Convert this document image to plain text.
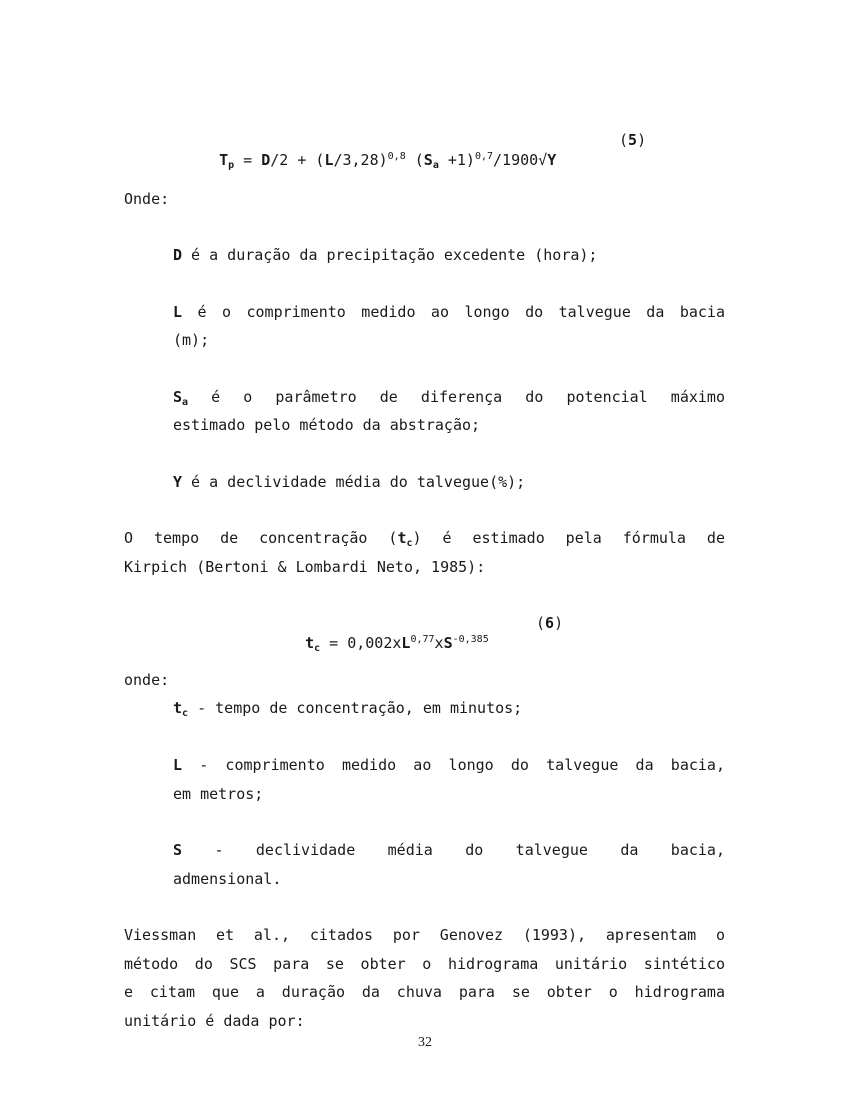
$T_p = D/2 + (L/3,28)^{0,8}$ $(S_a +1)^{0,7}/1900√Y$

(5)
Onde:
D é a duração da precipitação excedente (hora);
L é o comprimento medido ao longo do talvegue da bacia
(m);
$S_a$ é o parâmetro de diferença do potencial máximo
estimado pelo método da abstração;
Y é a declividade média do talvegue(%);
O tempo de concentração $(t_c)$ é estimado pela fórmula de
Kirpich (Bertoni & Lombardi Neto, 1985):

$t_c = 0,002xL^{0,77}xS^{-0,385}$

(6)
onde:
$t_c$ - tempo de concentração, em minutos;
L - comprimento medido ao longo do talvegue da bacia,
em metros;
S - declividade média do talvegue da bacia,
admensional.
Viessman et al., citados por Genovez (1993), apresentam o
método do SCS para se obter o hidrograma unitário sintético
e citam que a duração da chuva para se obter o hidrograma
unitário é dada por:
32
